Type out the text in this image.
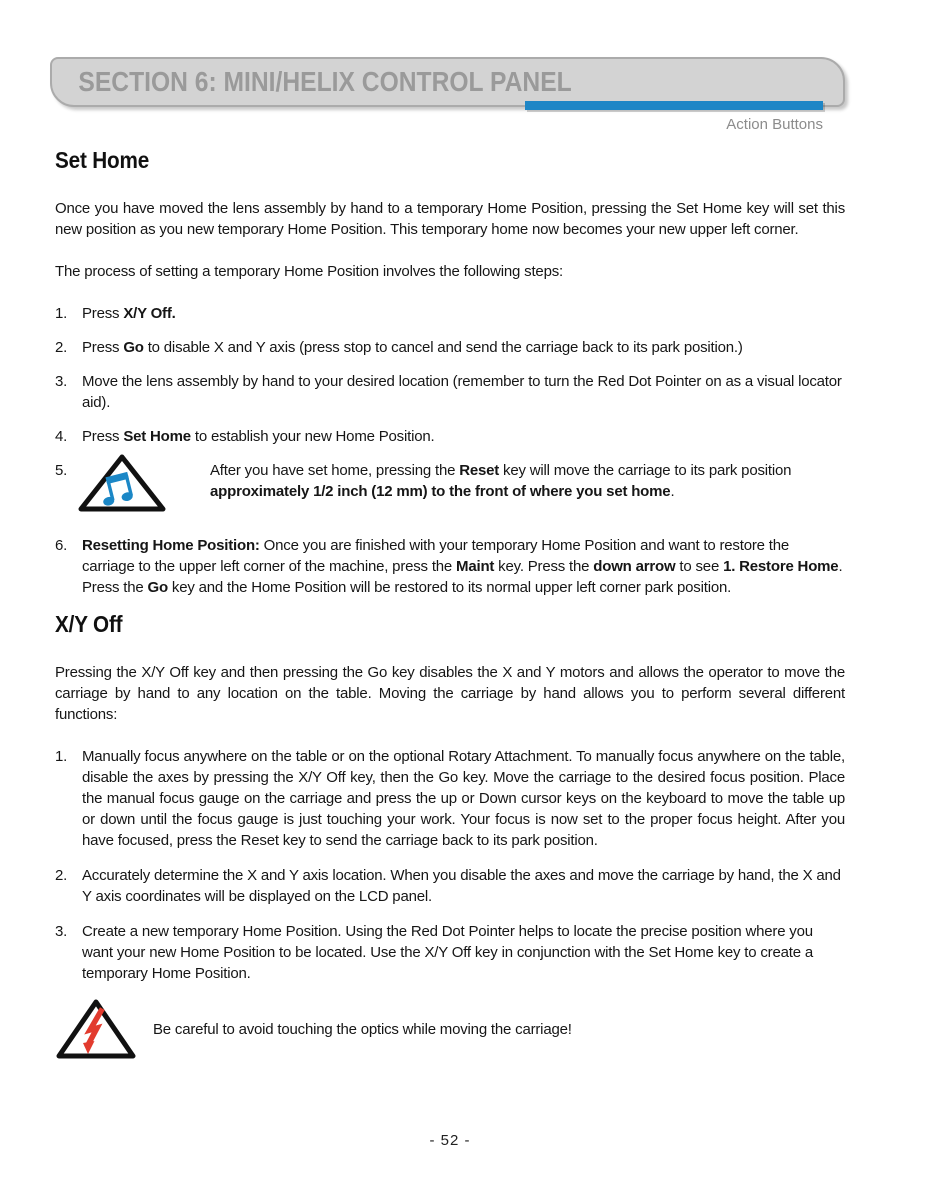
SECTION 6: MINI/HELIX CONTROL PANEL
Action Buttons
Set Home

Once you have moved the lens assembly by hand to a temporary Home Position, pressing the Set Home key will set this new position as you new temporary Home Position. This temporary home now becomes your new upper left corner.

The process of setting a temporary Home Position involves the following steps:

1. Press X/Y Off.
2. Press Go to disable X and Y axis (press stop to cancel and send the carriage back to its park position.)
3. Move the lens assembly by hand to your desired location (remember to turn the Red Dot Pointer on as a visual locator aid).
4. Press Set Home to establish your new Home Position.
5.	After you have set home, pressing the Reset key will move the carriage to its park position approximately 1/2 inch (12 mm) to the front of where you set home.
6. Resetting Home Position: Once you are finished with your temporary Home Position and want to restore the carriage to the upper left corner of the machine, press the Maint key. Press the down arrow to see 1. Restore Home. Press the Go key and the Home Position will be restored to its normal upper left corner park position.
X/Y Off

Pressing the X/Y Off key and then pressing the Go key disables the X and Y motors and allows the operator to move the carriage by hand to any location on the table. Moving the carriage by hand allows you to perform several different functions:

1. Manually focus anywhere on the table or on the optional Rotary Attachment. To manually focus anywhere on the table, disable the axes by pressing the X/Y Off key, then the Go key. Move the carriage to the desired focus position. Place the manual focus gauge on the carriage and press the up or Down cursor keys on the keyboard to move the table up or down until the focus gauge is just touching your work. Your focus is now set to the proper focus height. After you have focused, press the Reset key to send the carriage back to its park position.
2. Accurately determine the X and Y axis location. When you disable the axes and move the carriage by hand, the X and Y axis coordinates will be displayed on the LCD panel.
3. Create a new temporary Home Position. Using the Red Dot Pointer helps to locate the precise position where you want your new Home Position to be located. Use the X/Y Off key in conjunction with the Set Home key to create a temporary Home Position.
Be careful to avoid touching the optics while moving the carriage!
- 52 -
